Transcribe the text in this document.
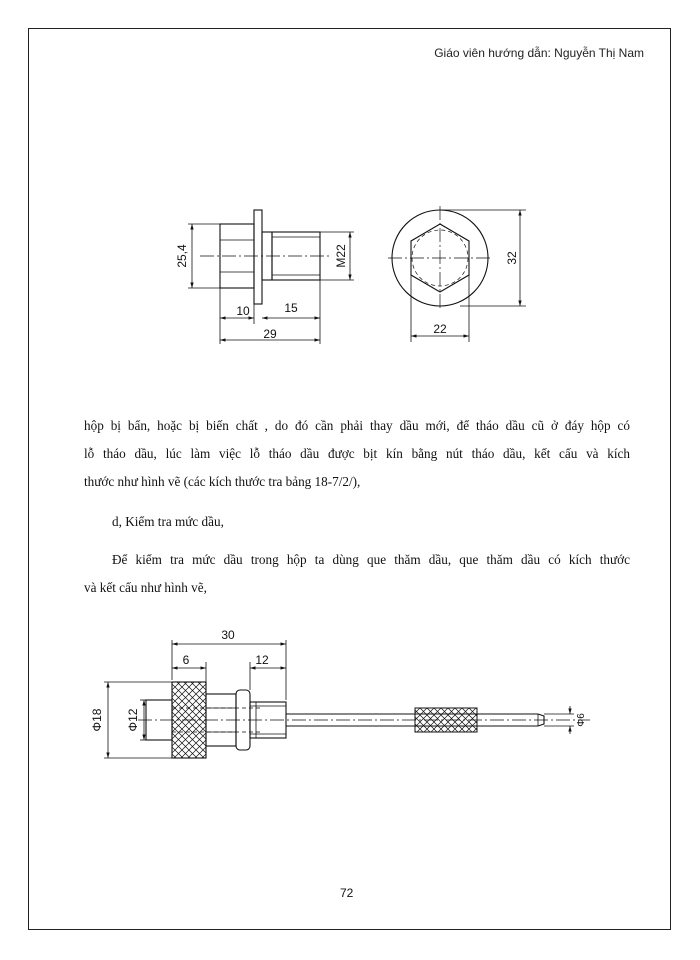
Giáo viên hướng dẫn: Nguyễn Thị Nam
25,4	M22
10	15
29
32
22
hộp bị bẩn, hoặc bị biến chất , do đó cần phải thay dầu mới, để tháo dầu cũ ở đáy hộp có
lỗ tháo dầu, lúc làm việc lỗ tháo dầu được bịt kín bằng nút tháo dầu, kết cấu và kích
thước như hình vẽ (các kích thước tra bảng 18-7/2/),
d, Kiểm tra mức dầu,
Để kiểm tra mức dầu trong hộp ta dùng que thăm dầu, que thăm dầu có kích thước
và kết cấu như hình vẽ,
30
6	12
Φ18 Φ12	Φ6
72
